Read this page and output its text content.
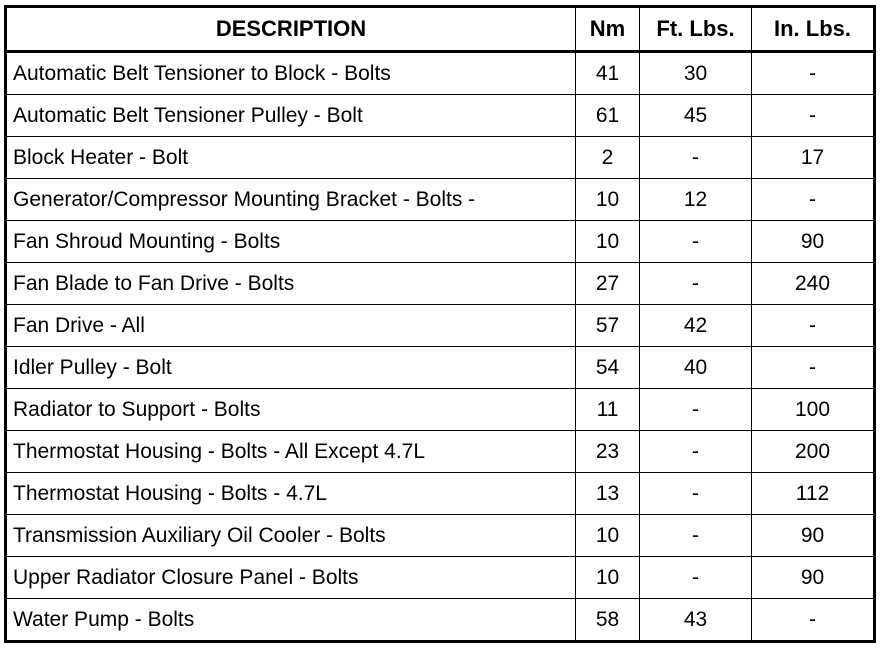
DESCRIPTION	Nm	Ft. Lbs.	In. Lbs.
Automatic Belt Tensioner to Block - Bolts	41	30	-
Automatic Belt Tensioner Pulley - Bolt	61	45	-
Block Heater - Bolt	2	-	17
Generator/Compressor Mounting Bracket - Bolts -	10	12	-
Fan Shroud Mounting - Bolts	10	-	90
Fan Blade to Fan Drive - Bolts	27	-	240
Fan Drive - All	57	42	-
Idler Pulley - Bolt	54	40	-
Radiator to Support - Bolts	11	-	100
Thermostat Housing - Bolts - All Except 4.7L	23	-	200
Thermostat Housing - Bolts - 4.7L	13	-	112
Transmission Auxiliary Oil Cooler - Bolts	10	-	90
Upper Radiator Closure Panel - Bolts	10	-	90
Water Pump - Bolts	58	43	-
